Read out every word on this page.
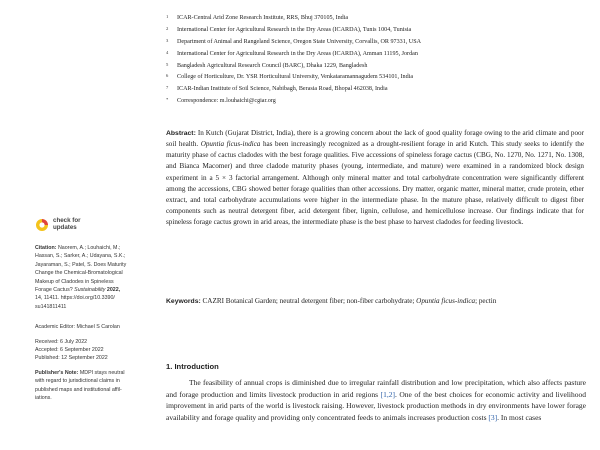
1	ICAR-Central Arid Zone Research Institute, RRS, Bhuj 370105, India
2	International Center for Agricultural Research in the Dry Areas (ICARDA), Tunis 1004, Tunisia
3	Department of Animal and Rangeland Science, Oregon State University, Corvallis, OR 97331, USA
4	International Center for Agricultural Research in the Dry Areas (ICARDA), Amman 11195, Jordan
5	Bangladesh Agricultural Research Council (BARC), Dhaka 1229, Bangladesh
6	College of Horticulture, Dr. YSR Horticultural University, Venkataramannagudem 534101, India
7	ICAR-Indian Institute of Soil Science, Nabibagh, Berasia Road, Bhopal 462038, India
*	Correspondence: m.louhaichi@cgiar.org

Abstract: In Kutch (Gujarat District, India), there is a growing concern about the lack of good quality forage owing to the arid climate and poor soil health. Opuntia ficus-indica has been increasingly recognized as a drought-resilient forage in arid Kutch. This study seeks to identify the maturity phase of cactus cladodes with the best forage qualities. Five accessions of spineless forage cactus (CBG, No. 1270, No. 1271, No. 1308, and Bianca Macomer) and three cladode maturity phases (young, intermediate, and mature) were examined in a randomized block design experiment in a 5 × 3 factorial arrangement. Although only mineral matter and total carbohydrate concentration were significantly different among the accessions, CBG showed better forage qualities than other accessions. Dry matter, organic matter, mineral matter, crude protein, ether extract, and total carbohydrate accumulations were higher in the intermediate phase. In the mature phase, relatively difficult to digest fiber components such as neutral detergent fiber, acid detergent fiber, lignin, cellulose, and hemicellulose increase. Our findings indicate that for spineless forage cactus grown in arid areas, the intermediate phase is the best phase to harvest cladodes for feeding livestock.

Keywords: CAZRI Botanical Garden; neutral detergent fiber; non-fiber carbohydrate; Opuntia ficus-indica; pectin

1. Introduction

The feasibility of annual crops is diminished due to irregular rainfall distribution and low precipitation, which also affects pasture and forage production and limits livestock production in arid regions [1,2]. One of the best choices for economic activity and livelihood improvement in arid parts of the world is livestock raising. However, livestock production methods in dry environments have lower forage availability and forage quality and providing only concentrated feeds to animals increases production costs [3]. In most cases

check for
updates
Citation: Naorem, A.; Louhaichi, M.;
Hassan, S.; Sarker, A.; Udayana, S.K.;
Jayaraman, S.; Patel, S. Does Maturity
Change the Chemical-Bromatological
Makeup of Cladodes in Spineless
Forage Cactus? Sustainability 2022,
14, 11411. https://doi.org/10.3390/
su141811411
Academic Editor: Michael S Carolan
Received: 6 July 2022
Accepted: 6 September 2022
Published: 12 September 2022
Publisher's Note: MDPI stays neutral
with regard to jurisdictional claims in
published maps and institutional affil-
iations.
